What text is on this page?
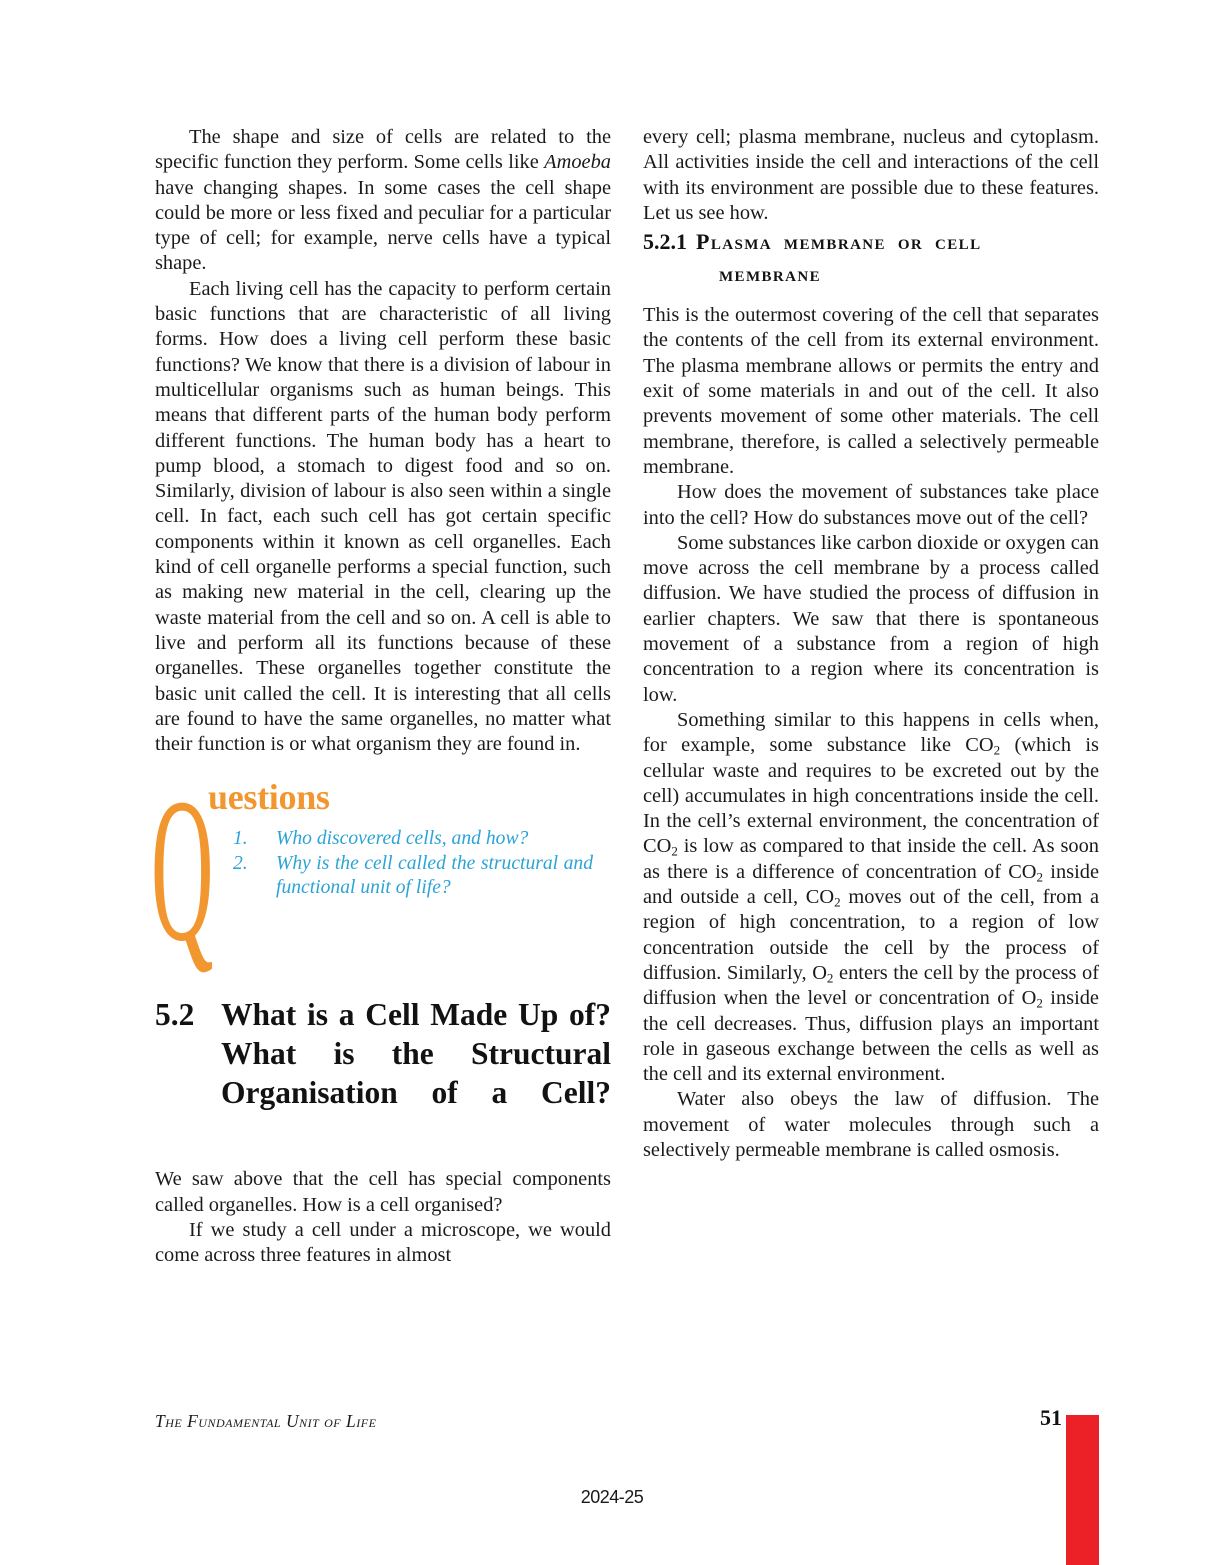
The shape and size of cells are related to the specific function they perform. Some cells like Amoeba have changing shapes. In some cases the cell shape could be more or less fixed and peculiar for a particular type of cell; for example, nerve cells have a typical shape.

Each living cell has the capacity to perform certain basic functions that are characteristic of all living forms. How does a living cell perform these basic functions? We know that there is a division of labour in multicellular organisms such as human beings. This means that different parts of the human body perform different functions. The human body has a heart to pump blood, a stomach to digest food and so on. Similarly, division of labour is also seen within a single cell. In fact, each such cell has got certain specific components within it known as cell organelles. Each kind of cell organelle performs a special function, such as making new material in the cell, clearing up the waste material from the cell and so on. A cell is able to live and perform all its functions because of these organelles. These organelles together constitute the basic unit called the cell. It is interesting that all cells are found to have the same organelles, no matter what their function is or what organism they are found in.

Q
uestions
Who discovered cells, and how?
Why is the cell called the structural and functional unit of life?
5.2 What is a Cell Made Up of? What is the Structural Organisation of a Cell?

We saw above that the cell has special components called organelles. How is a cell organised?

If we study a cell under a microscope, we would come across three features in almost

every cell; plasma membrane, nucleus and cytoplasm. All activities inside the cell and interactions of the cell with its environment are possible due to these features. Let us see how.

5.2.1 Plasma membrane or cell
membrane

This is the outermost covering of the cell that separates the contents of the cell from its external environment. The plasma membrane allows or permits the entry and exit of some materials in and out of the cell. It also prevents movement of some other materials. The cell membrane, therefore, is called a selectively permeable membrane.

How does the movement of substances take place into the cell? How do substances move out of the cell?

Some substances like carbon dioxide or oxygen can move across the cell membrane by a process called diffusion. We have studied the process of diffusion in earlier chapters. We saw that there is spontaneous movement of a substance from a region of high concentration to a region where its concentration is low.

Something similar to this happens in cells when, for example, some substance like $CO_2$ (which is cellular waste and requires to be excreted out by the cell) accumulates in high concentrations inside the cell. In the cell’s external environment, the concentration of $CO_2$ is low as compared to that inside the cell. As soon as there is a difference of concentration of $CO_2$ inside and outside a cell, $CO_2$ moves out of the cell, from a region of high concentration, to a region of low concentration outside the cell by the process of diffusion. Similarly, $O_2$ enters the cell by the process of diffusion when the level or concentration of $O_2$ inside the cell decreases. Thus, diffusion plays an important role in gaseous exchange between the cells as well as the cell and its external environment.

Water also obeys the law of diffusion. The movement of water molecules through such a selectively permeable membrane is called osmosis.

The Fundamental Unit of Life	51
2024-25
